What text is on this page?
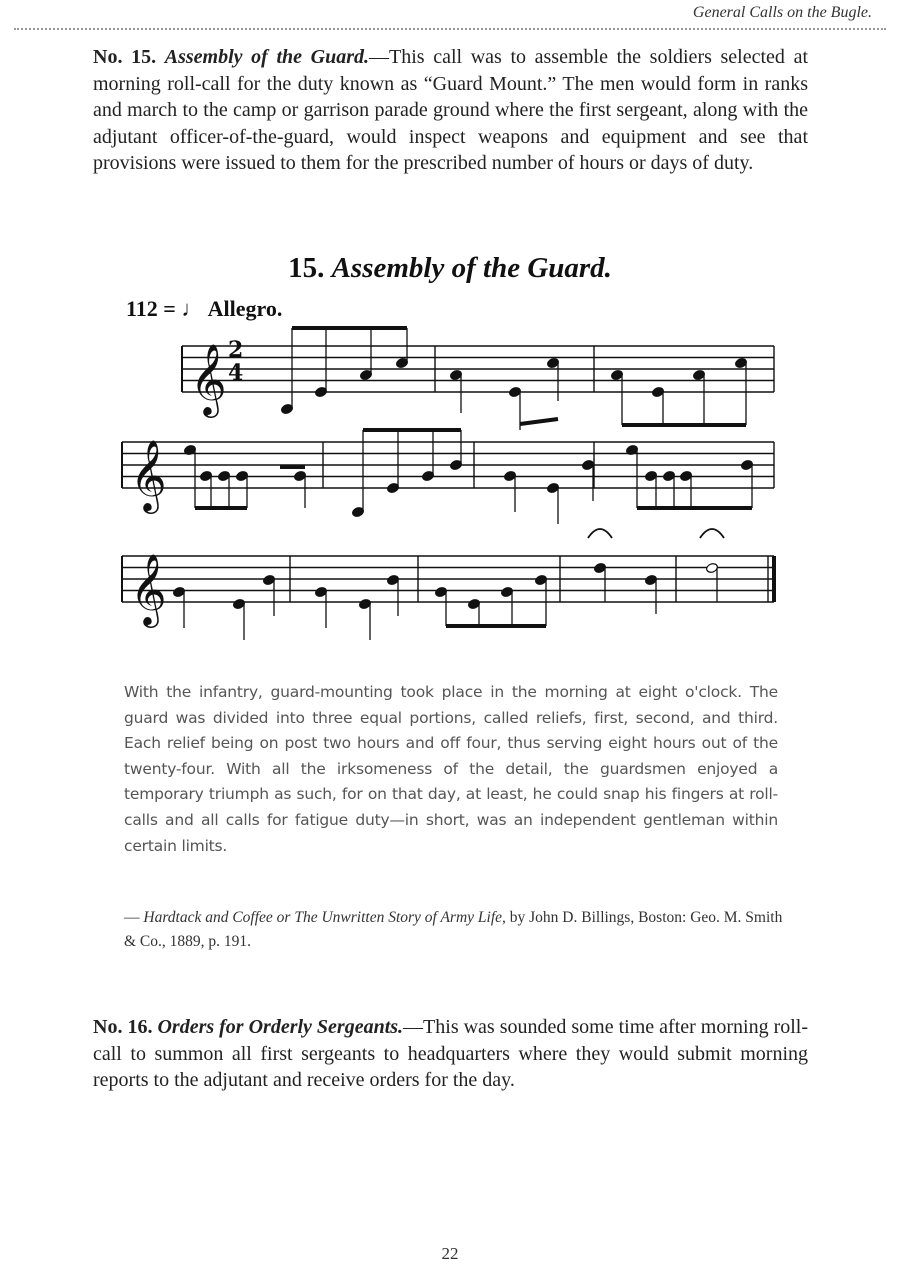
General Calls on the Bugle.

No. 15. Assembly of the Guard.—This call was to assemble the soldiers selected at morning roll-call for the duty known as “Guard Mount.” The men would form in ranks and march to the camp or garrison parade ground where the first sergeant, along with the adjutant officer-of-the-guard, would inspect weapons and equipment and see that provisions were issued to them for the prescribed number of hours or days of duty.

15. Assembly of the Guard.
112 = ♩ Allegro.
𝄞
𝄞
𝄞
2
4

With the infantry, guard-mounting took place in the morning at eight o'clock. The guard was divided into three equal portions, called reliefs, first, second, and third. Each relief being on post two hours and off four, thus serving eight hours out of the twenty-four. With all the irksomeness of the detail, the guardsmen enjoyed a temporary triumph as such, for on that day, at least, he could snap his fingers at roll-calls and all calls for fatigue duty—in short, was an independent gentleman within certain limits.

— Hardtack and Coffee or The Unwritten Story of Army Life, by John D. Billings, Boston: Geo. M. Smith & Co., 1889, p. 191.

No. 16. Orders for Orderly Sergeants.—This was sounded some time after morning roll-call to summon all first sergeants to headquarters where they would submit morning reports to the adjutant and receive orders for the day.

22
